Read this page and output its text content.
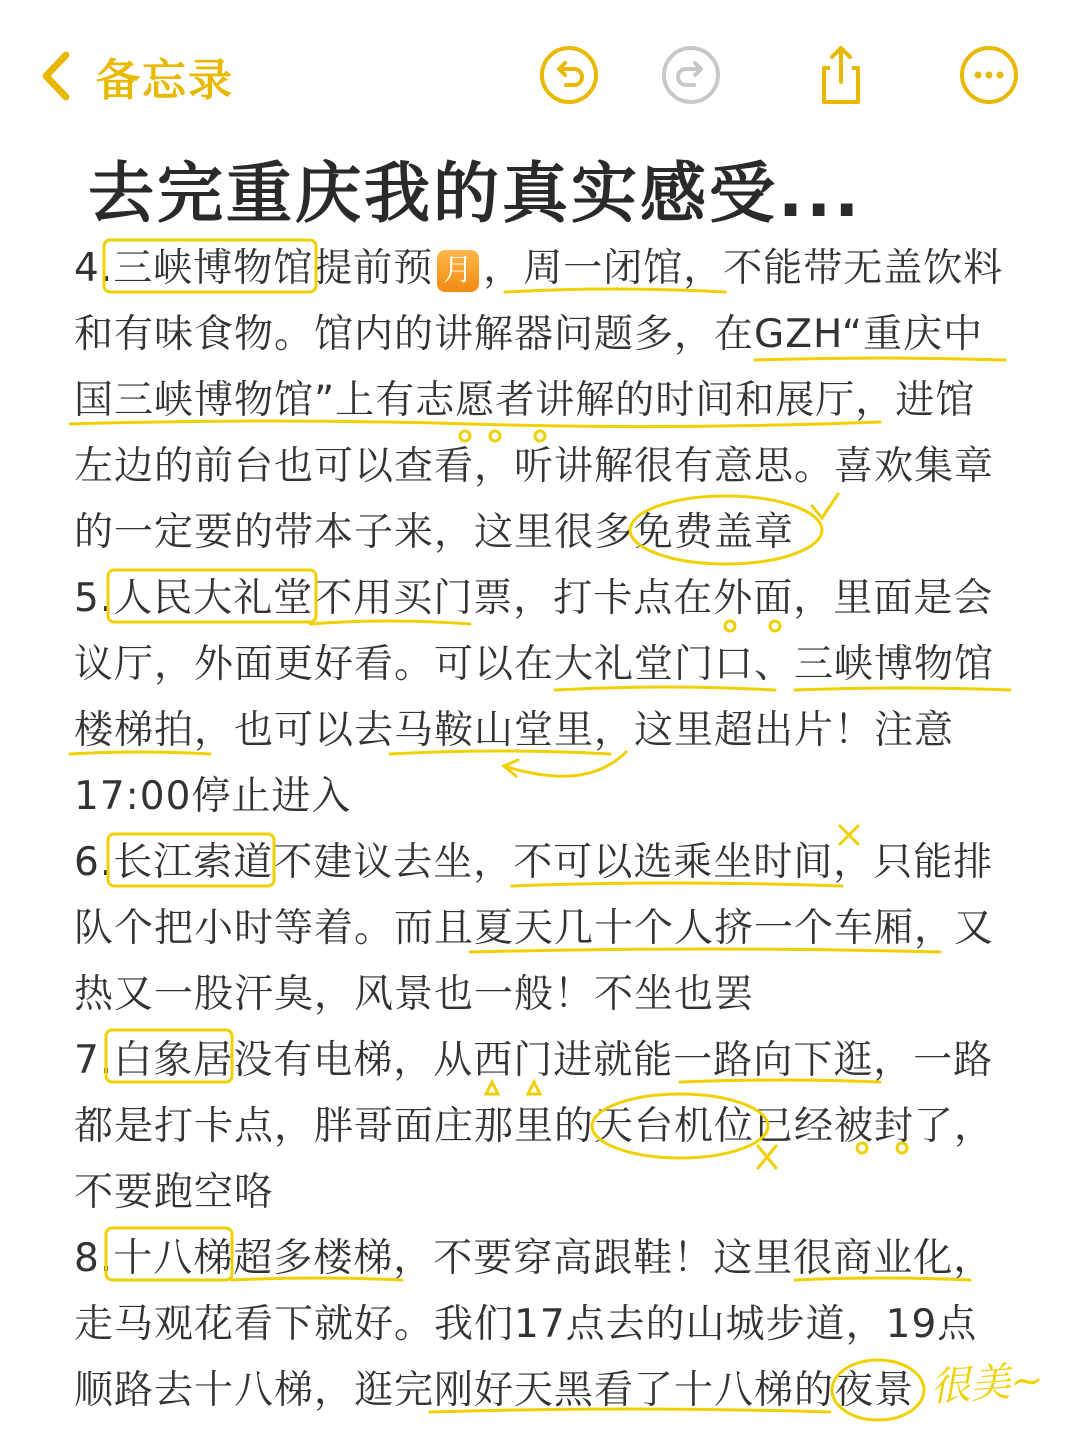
备忘录
去完重庆我的真实感受...
4.三峡博物馆提前预 月 ，周一闭馆，不能带无盖饮料
和有味食物。馆内的讲解器问题多，在GZH“重庆中
国三峡博物馆”上有志愿者讲解的时间和展厅，进馆
左边的前台也可以查看，听讲解很有意思。喜欢集章
的一定要的带本子来，这里很多免费盖章
5.人民大礼堂不用买门票，打卡点在外面，里面是会
议厅，外面更好看。可以在大礼堂门口、三峡博物馆
楼梯拍，也可以去马鞍山堂里，这里超出片！注意
17:00停止进入
6.长江索道不建议去坐，不可以选乘坐时间，只能排
队个把小时等着。而且夏天几十个人挤一个车厢，又
热又一股汗臭，风景也一般！不坐也罢
7.白象居没有电梯，从西门进就能一路向下逛，一路
都是打卡点，胖哥面庄那里的天台机位已经被封了，
不要跑空咯
8.十八梯超多楼梯，不要穿高跟鞋！这里很商业化，
走马观花看下就好。我们17点去的山城步道，19点
顺路去十八梯，逛完刚好天黑看了十八梯的夜景 很美~
